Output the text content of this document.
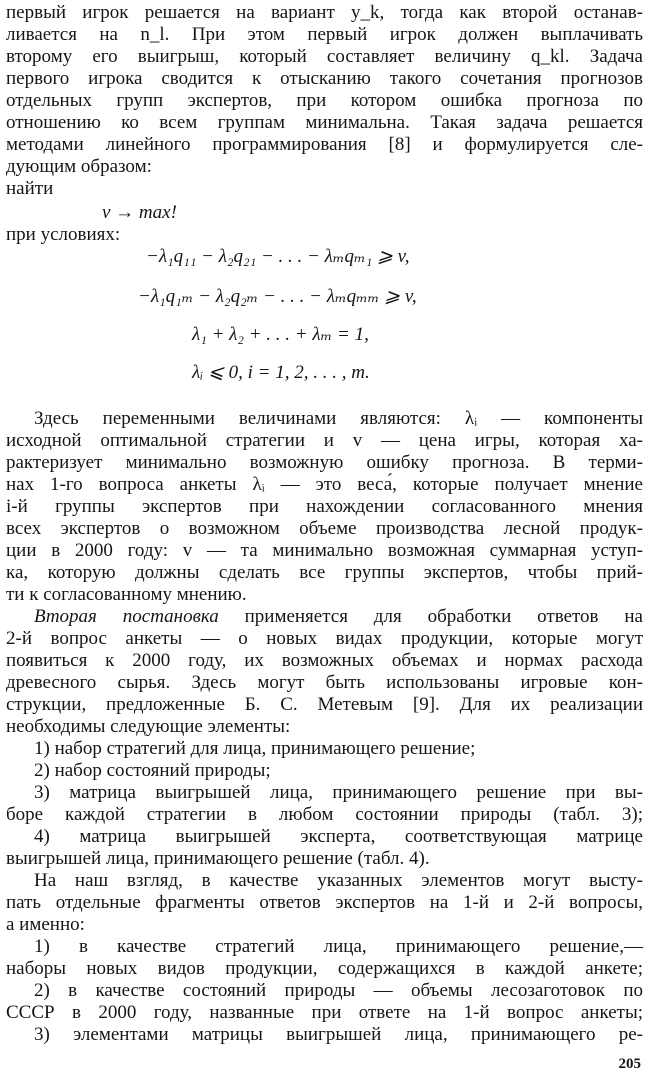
первый игрок решается на вариант y_k, тогда как второй останав-
ливается на n_l. При этом первый игрок должен выплачивать
второму его выигрыш, который составляет величину q_kl. Задача
первого игрока сводится к отысканию такого сочетания прогнозов
отдельных групп экспертов, при котором ошибка прогноза по
отношению ко всем группам минимальна. Такая задача решается
методами линейного программирования [8] и формулируется сле-
дующим образом:
найти
v → max!
при условиях:
−λ₁q₁₁ − λ₂q₂₁ − . . . − λₘqₘ₁ ⩾ v,
−λ₁q₁ₘ − λ₂q₂ₘ − . . . − λₘqₘₘ ⩾ v,
λ₁ + λ₂ + . . . + λₘ = 1,
λᵢ ⩽ 0, i = 1, 2, . . . , m.
Здесь переменными величинами являются: λᵢ — компоненты
исходной оптимальной стратегии и v — цена игры, которая ха-
рактеризует минимально возможную ошибку прогноза. В терми-
нах 1-го вопроса анкеты λᵢ — это веса́, которые получает мнение
i-й группы экспертов при нахождении согласованного мнения
всех экспертов о возможном объеме производства лесной продук-
ции в 2000 году: v — та минимально возможная суммарная уступ-
ка, которую должны сделать все группы экспертов, чтобы прий-
ти к согласованному мнению.
Вторая постановка применяется для обработки ответов на
2-й вопрос анкеты — о новых видах продукции, которые могут
появиться к 2000 году, их возможных объемах и нормах расхода
древесного сырья. Здесь могут быть использованы игровые кон-
струкции, предложенные Б. С. Метевым [9]. Для их реализации
необходимы следующие элементы:
1) набор стратегий для лица, принимающего решение;
2) набор состояний природы;
3) матрица выигрышей лица, принимающего решение при вы-
боре каждой стратегии в любом состоянии природы (табл. 3);
4) матрица выигрышей эксперта, соответствующая матрице
выигрышей лица, принимающего решение (табл. 4).
На наш взгляд, в качестве указанных элементов могут высту-
пать отдельные фрагменты ответов экспертов на 1-й и 2-й вопросы,
а именно:
1) в качестве стратегий лица, принимающего решение,—
наборы новых видов продукции, содержащихся в каждой анкете;
2) в качестве состояний природы — объемы лесозаготовок по
СССР в 2000 году, названные при ответе на 1-й вопрос анкеты;
3) элементами матрицы выигрышей лица, принимающего ре-
205
